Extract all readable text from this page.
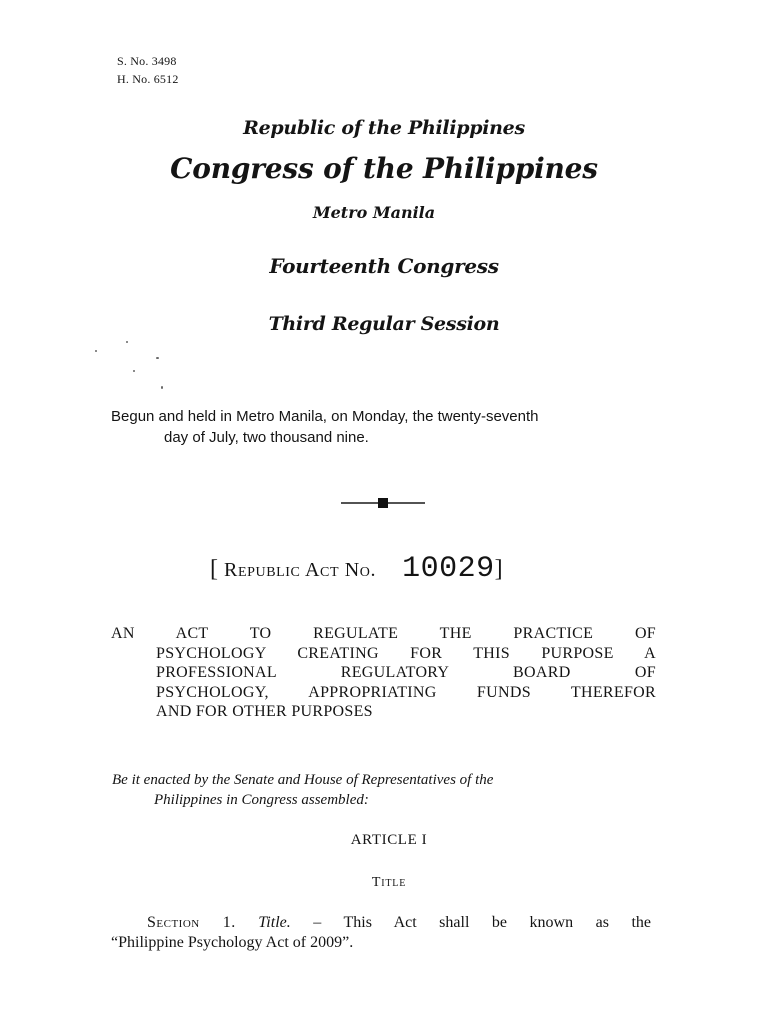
S. No. 3498
H. No. 6512
Republic of the Philippines
Congress of the Philippines
Metro Manila
Fourteenth Congress
Third Regular Session
Begun and held in Metro Manila, on Monday, the twenty-seventh
day of July, two thousand nine.
[ Republic Act No. 10029 ]
AN ACT TO REGULATE THE PRACTICE OF
PSYCHOLOGY CREATING FOR THIS PURPOSE A
PROFESSIONAL REGULATORY BOARD OF
PSYCHOLOGY, APPROPRIATING FUNDS THEREFOR
AND FOR OTHER PURPOSES
Be it enacted by the Senate and House of Representatives of the
Philippines in Congress assembled:
ARTICLE I
Title
Section 1. Title. – This Act shall be known as the
“Philippine Psychology Act of 2009”.
